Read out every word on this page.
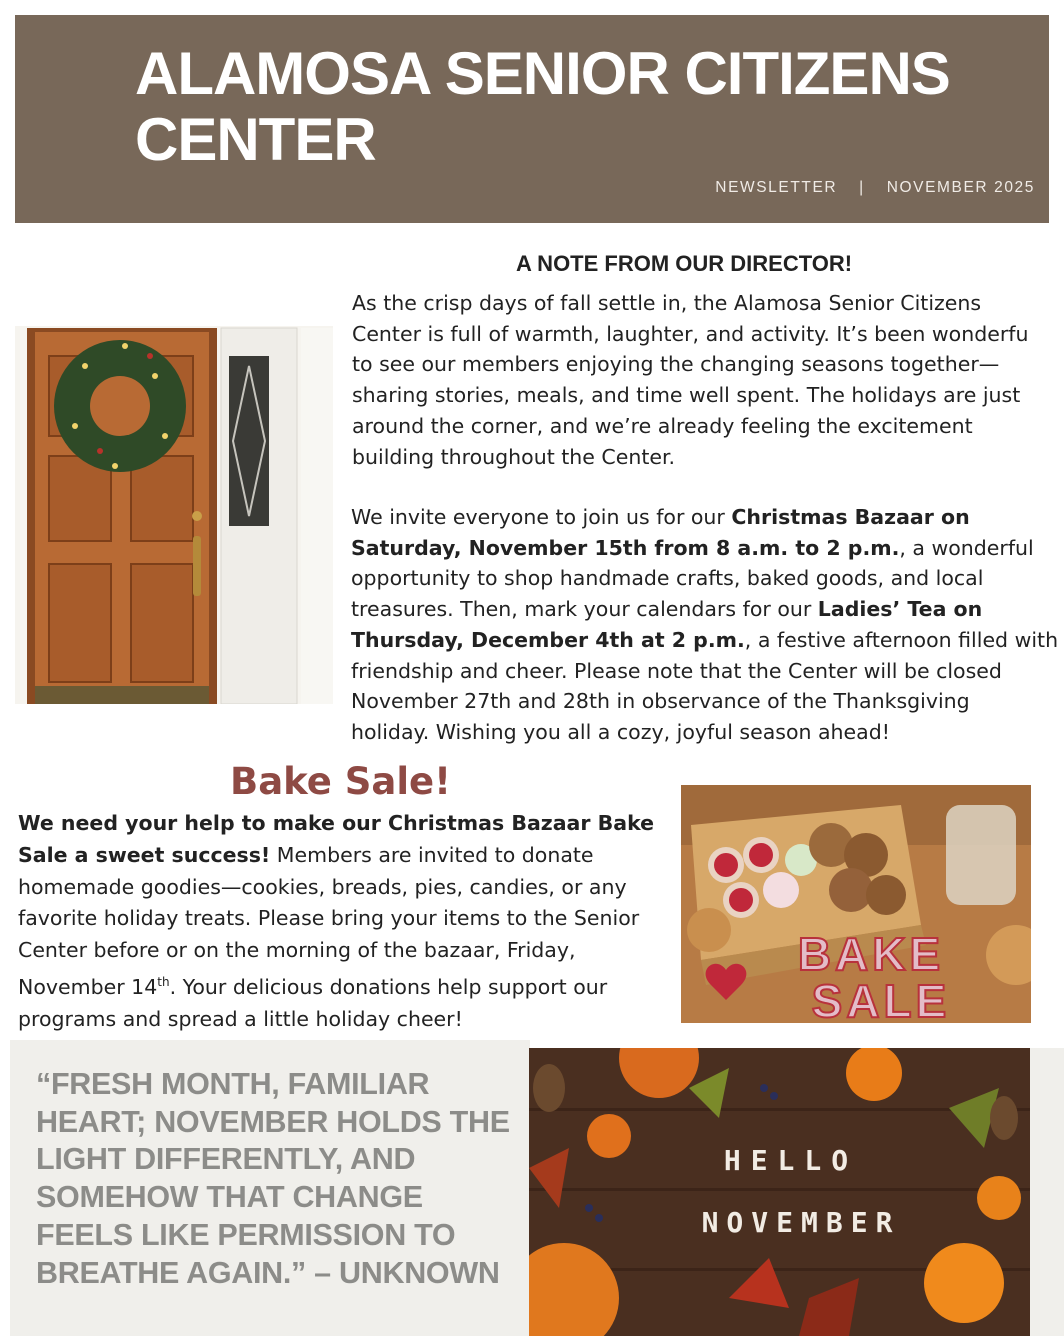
ALAMOSA SENIOR CITIZENS
CENTER
NEWSLETTER | NOVEMBER 2025
A NOTE FROM OUR DIRECTOR!

As the crisp days of fall settle in, the Alamosa Senior Citizens
Center is full of warmth, laughter, and activity. It’s been wonderfu
to see our members enjoying the changing seasons together—
sharing stories, meals, and time well spent. The holidays are just
around the corner, and we’re already feeling the excitement
building throughout the Center.

We invite everyone to join us for our Christmas Bazaar on
Saturday, November 15th from 8 a.m. to 2 p.m., a wonderful
opportunity to shop handmade crafts, baked goods, and local
treasures. Then, mark your calendars for our Ladies’ Tea on
Thursday, December 4th at 2 p.m., a festive afternoon filled with
friendship and cheer. Please note that the Center will be closed
November 27th and 28th in observance of the Thanksgiving
holiday. Wishing you all a cozy, joyful season ahead!

Bake Sale!

We need your help to make our Christmas Bazaar Bake Sale a sweet success! Members are invited to donate homemade goodies—cookies, breads, pies, candies, or any favorite holiday treats. Please bring your items to the Senior Center before or on the morning of the bazaar, Friday, November 14th. Your delicious donations help support our programs and spread a little holiday cheer!

BAKE
SALE

“FRESH MONTH, FAMILIAR HEART; NOVEMBER HOLDS THE LIGHT DIFFERENTLY, AND SOMEHOW THAT CHANGE FEELS LIKE PERMISSION TO BREATHE AGAIN.” – UNKNOWN

HELLO
NOVEMBER
